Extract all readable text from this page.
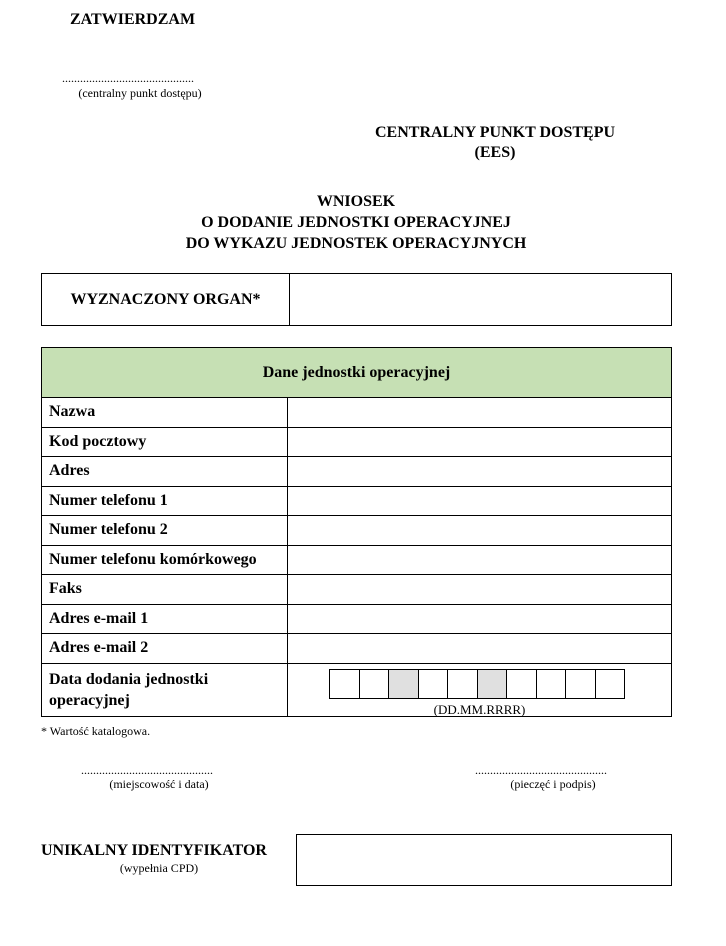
ZATWIERDZAM
............................................
(centralny punkt dostępu)
CENTRALNY PUNKT DOSTĘPU
(EES)
WNIOSEK
O DODANIE JEDNOSTKI OPERACYJNEJ
DO WYKAZU JEDNOSTEK OPERACYJNYCH
WYZNACZONY ORGAN*	
Dane jednostki operacyjnej	
Nazwa	
Kod pocztowy	
Adres	
Numer telefonu 1	
Numer telefonu 2	
Numer telefonu komórkowego	
Faks	
Adres e-mail 1	
Adres e-mail 2	

Data dodania jednostki
operacyjnej	(DD.MM.RRRR)
* Wartość katalogowa.
............................................
(miejscowość i data)
............................................
(pieczęć i podpis)
UNIKALNY IDENTYFIKATOR
(wypełnia CPD)
